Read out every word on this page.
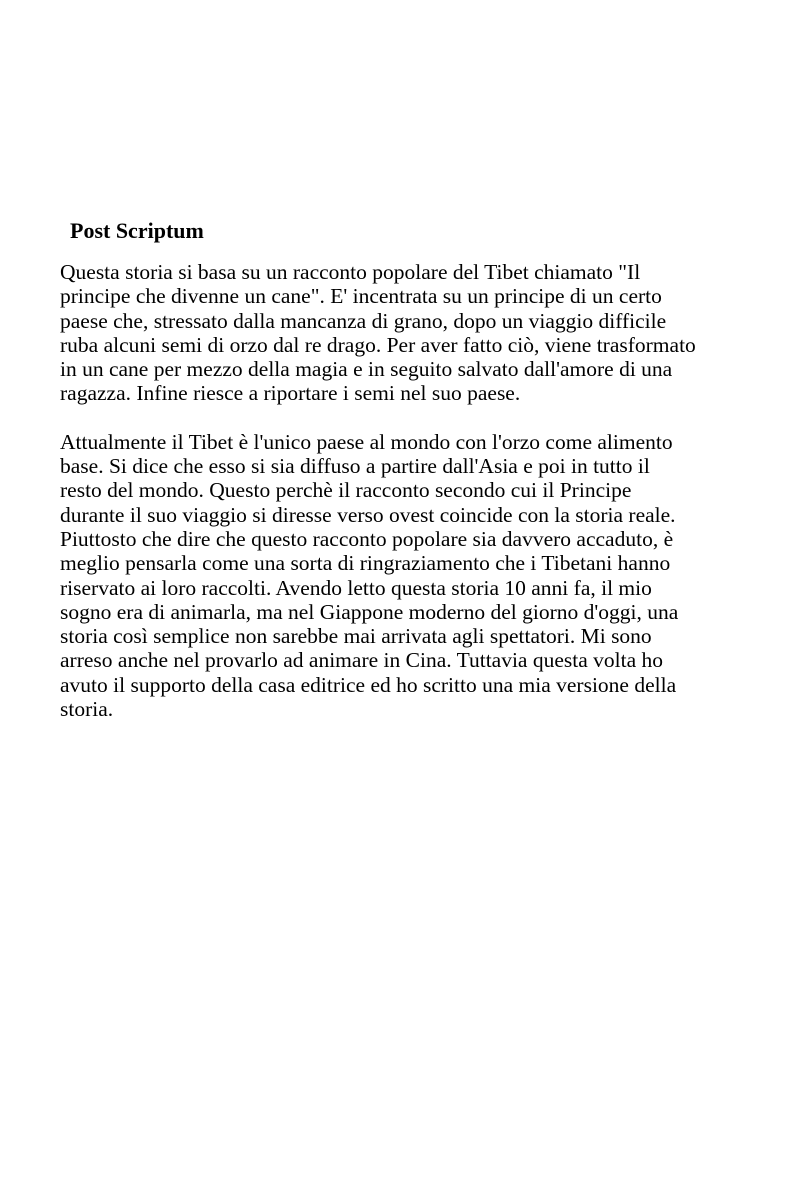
Post Scriptum

Questa storia si basa su un racconto popolare del Tibet chiamato "Il
principe che divenne un cane". E' incentrata su un principe di un certo
paese che, stressato dalla mancanza di grano, dopo un viaggio difficile
ruba alcuni semi di orzo dal re drago. Per aver fatto ciò, viene trasformato
in un cane per mezzo della magia e in seguito salvato dall'amore di una
ragazza. Infine riesce a riportare i semi nel suo paese.

Attualmente il Tibet è l'unico paese al mondo con l'orzo come alimento
base. Si dice che esso si sia diffuso a partire dall'Asia e poi in tutto il
resto del mondo. Questo perchè il racconto secondo cui il Principe
durante il suo viaggio si diresse verso ovest coincide con la storia reale.
Piuttosto che dire che questo racconto popolare sia davvero accaduto, è
meglio pensarla come una sorta di ringraziamento che i Tibetani hanno
riservato ai loro raccolti. Avendo letto questa storia 10 anni fa, il mio
sogno era di animarla, ma nel Giappone moderno del giorno d'oggi, una
storia così semplice non sarebbe mai arrivata agli spettatori. Mi sono
arreso anche nel provarlo ad animare in Cina. Tuttavia questa volta ho
avuto il supporto della casa editrice ed ho scritto una mia versione della
storia.
